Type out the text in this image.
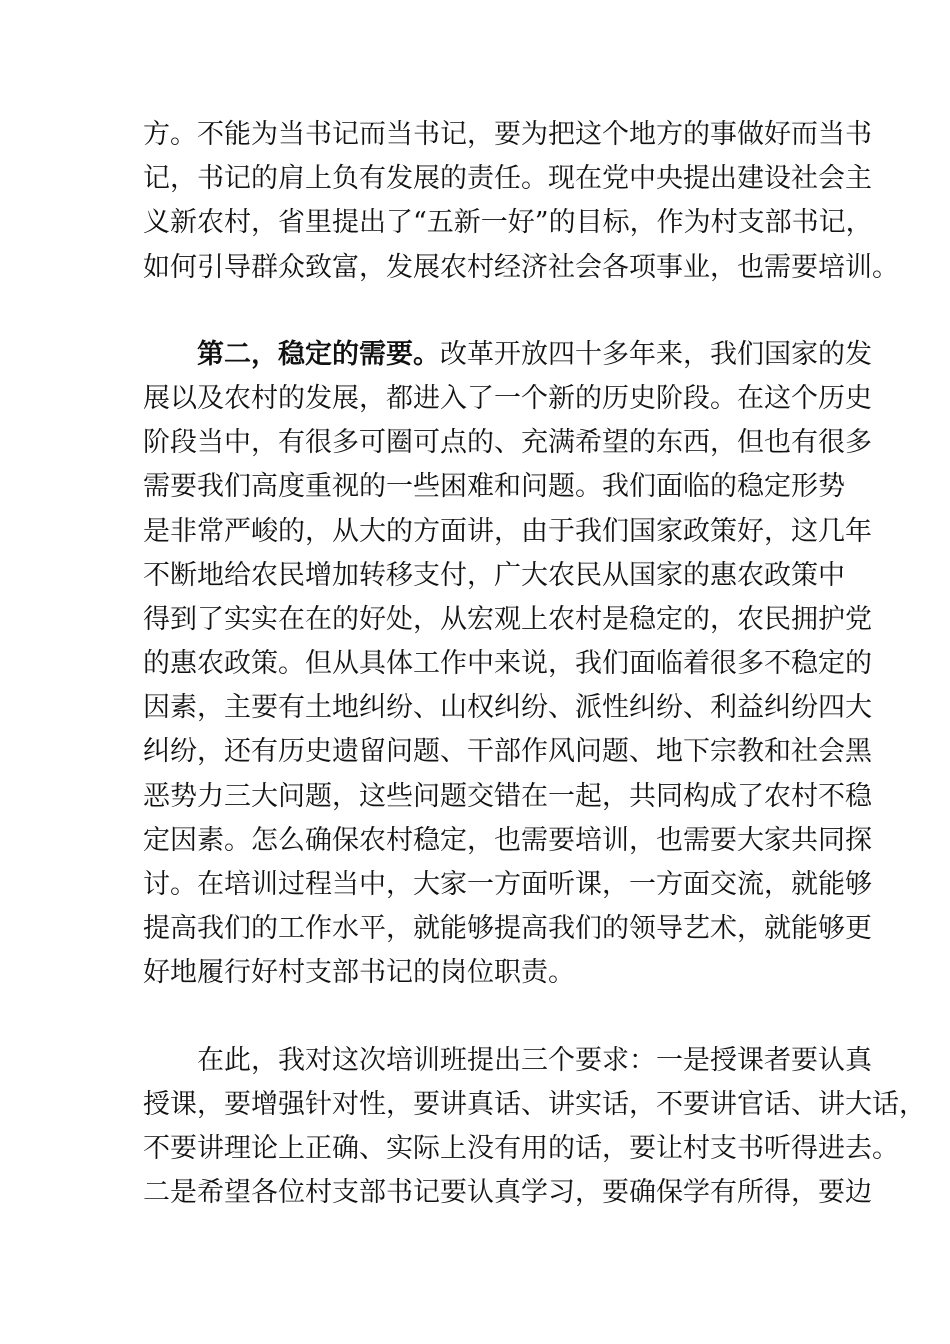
方。不能为当书记而当书记，要为把这个地方的事做好而当书
记，书记的肩上负有发展的责任。现在党中央提出建设社会主
义新农村，省里提出了“五新一好”的目标，作为村支部书记，
如何引导群众致富，发展农村经济社会各项事业，也需要培训。
第二，稳定的需要。改革开放四十多年来，我们国家的发
展以及农村的发展，都进入了一个新的历史阶段。在这个历史
阶段当中，有很多可圈可点的、充满希望的东西，但也有很多
需要我们高度重视的一些困难和问题。我们面临的稳定形势
是非常严峻的，从大的方面讲，由于我们国家政策好，这几年
不断地给农民增加转移支付，广大农民从国家的惠农政策中
得到了实实在在的好处，从宏观上农村是稳定的，农民拥护党
的惠农政策。但从具体工作中来说，我们面临着很多不稳定的
因素，主要有土地纠纷、山权纠纷、派性纠纷、利益纠纷四大
纠纷，还有历史遗留问题、干部作风问题、地下宗教和社会黑
恶势力三大问题，这些问题交错在一起，共同构成了农村不稳
定因素。怎么确保农村稳定，也需要培训，也需要大家共同探
讨。在培训过程当中，大家一方面听课，一方面交流，就能够
提高我们的工作水平，就能够提高我们的领导艺术，就能够更
好地履行好村支部书记的岗位职责。
在此，我对这次培训班提出三个要求：一是授课者要认真
授课，要增强针对性，要讲真话、讲实话，不要讲官话、讲大话，
不要讲理论上正确、实际上没有用的话，要让村支书听得进去。
二是希望各位村支部书记要认真学习，要确保学有所得，要边
